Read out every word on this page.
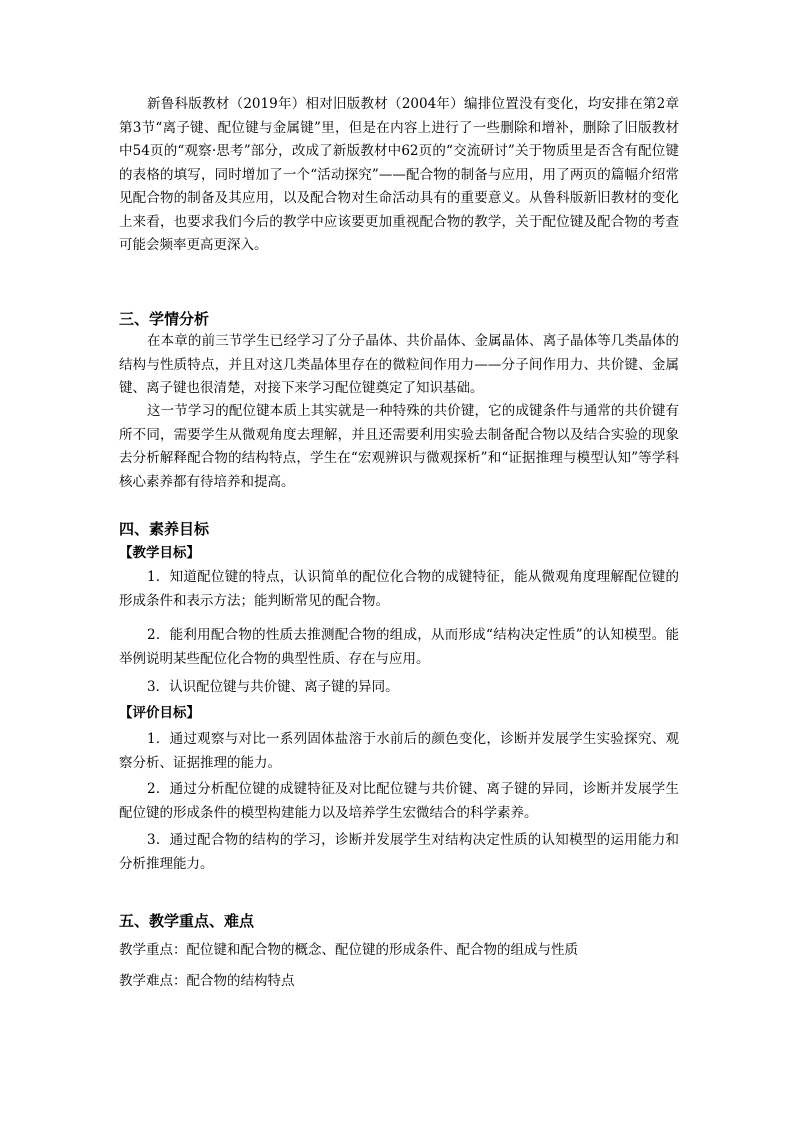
新鲁科版教材（2019年）相对旧版教材（2004年）编排位置没有变化，均安排在第2章第3节“离子键、配位键与金属键”里，但是在内容上进行了一些删除和增补，删除了旧版教材中54页的“观察·思考”部分，改成了新版教材中62页的“交流研讨”关于物质里是否含有配位键的表格的填写，同时增加了一个“活动探究”——配合物的制备与应用，用了两页的篇幅介绍常见配合物的制备及其应用，以及配合物对生命活动具有的重要意义。从鲁科版新旧教材的变化上来看，也要求我们今后的教学中应该要更加重视配合物的教学，关于配位键及配合物的考查可能会频率更高更深入。

三、学情分析

在本章的前三节学生已经学习了分子晶体、共价晶体、金属晶体、离子晶体等几类晶体的结构与性质特点，并且对这几类晶体里存在的微粒间作用力——分子间作用力、共价键、金属键、离子键也很清楚，对接下来学习配位键奠定了知识基础。

这一节学习的配位键本质上其实就是一种特殊的共价键，它的成键条件与通常的共价键有所不同，需要学生从微观角度去理解，并且还需要利用实验去制备配合物以及结合实验的现象去分析解释配合物的结构特点，学生在“宏观辨识与微观探析”和“证据推理与模型认知”等学科核心素养都有待培养和提高。

四、素养目标

【教学目标】

1．知道配位键的特点，认识简单的配位化合物的成键特征，能从微观角度理解配位键的形成条件和表示方法；能判断常见的配合物。

2．能利用配合物的性质去推测配合物的组成，从而形成“结构决定性质”的认知模型。能举例说明某些配位化合物的典型性质、存在与应用。

3．认识配位键与共价键、离子键的异同。

【评价目标】

1．通过观察与对比一系列固体盐溶于水前后的颜色变化，诊断并发展学生实验探究、观察分析、证据推理的能力。

2．通过分析配位键的成键特征及对比配位键与共价键、离子键的异同，诊断并发展学生配位键的形成条件的模型构建能力以及培养学生宏微结合的科学素养。

3．通过配合物的结构的学习，诊断并发展学生对结构决定性质的认知模型的运用能力和分析推理能力。

五、教学重点、难点

教学重点：配位键和配合物的概念、配位键的形成条件、配合物的组成与性质

教学难点：配合物的结构特点
